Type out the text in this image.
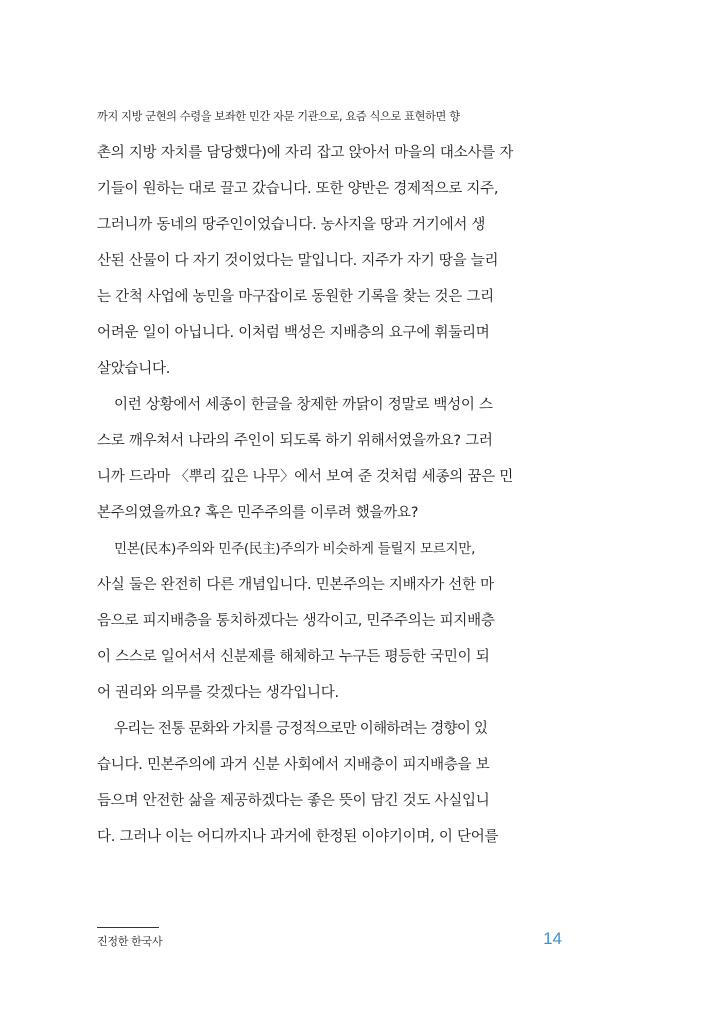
까지 지방 군현의 수령을 보좌한 민간 자문 기관으로, 요즘 식으로 표현하면 향
촌의 지방 자치를 담당했다)에 자리 잡고 앉아서 마을의 대소사를 자
기들이 원하는 대로 끌고 갔습니다. 또한 양반은 경제적으로 지주,
그러니까 동네의 땅주인이었습니다. 농사지을 땅과 거기에서 생
산된 산물이 다 자기 것이었다는 말입니다. 지주가 자기 땅을 늘리
는 간척 사업에 농민을 마구잡이로 동원한 기록을 찾는 것은 그리
어려운 일이 아닙니다. 이처럼 백성은 지배층의 요구에 휘둘리며
살았습니다.
이런 상황에서 세종이 한글을 창제한 까닭이 정말로 백성이 스
스로 깨우쳐서 나라의 주인이 되도록 하기 위해서였을까요? 그러
니까 드라마 〈뿌리 깊은 나무〉에서 보여 준 것처럼 세종의 꿈은 민
본주의였을까요? 혹은 민주주의를 이루려 했을까요?
민본(民本)주의와 민주(民主)주의가 비슷하게 들릴지 모르지만,
사실 둘은 완전히 다른 개념입니다. 민본주의는 지배자가 선한 마
음으로 피지배층을 통치하겠다는 생각이고, 민주주의는 피지배층
이 스스로 일어서서 신분제를 해체하고 누구든 평등한 국민이 되
어 권리와 의무를 갖겠다는 생각입니다.
우리는 전통 문화와 가치를 긍정적으로만 이해하려는 경향이 있
습니다. 민본주의에 과거 신분 사회에서 지배층이 피지배층을 보
듬으며 안전한 삶을 제공하겠다는 좋은 뜻이 담긴 것도 사실입니
다. 그러나 이는 어디까지나 과거에 한정된 이야기이며, 이 단어를
진정한 한국사	14
